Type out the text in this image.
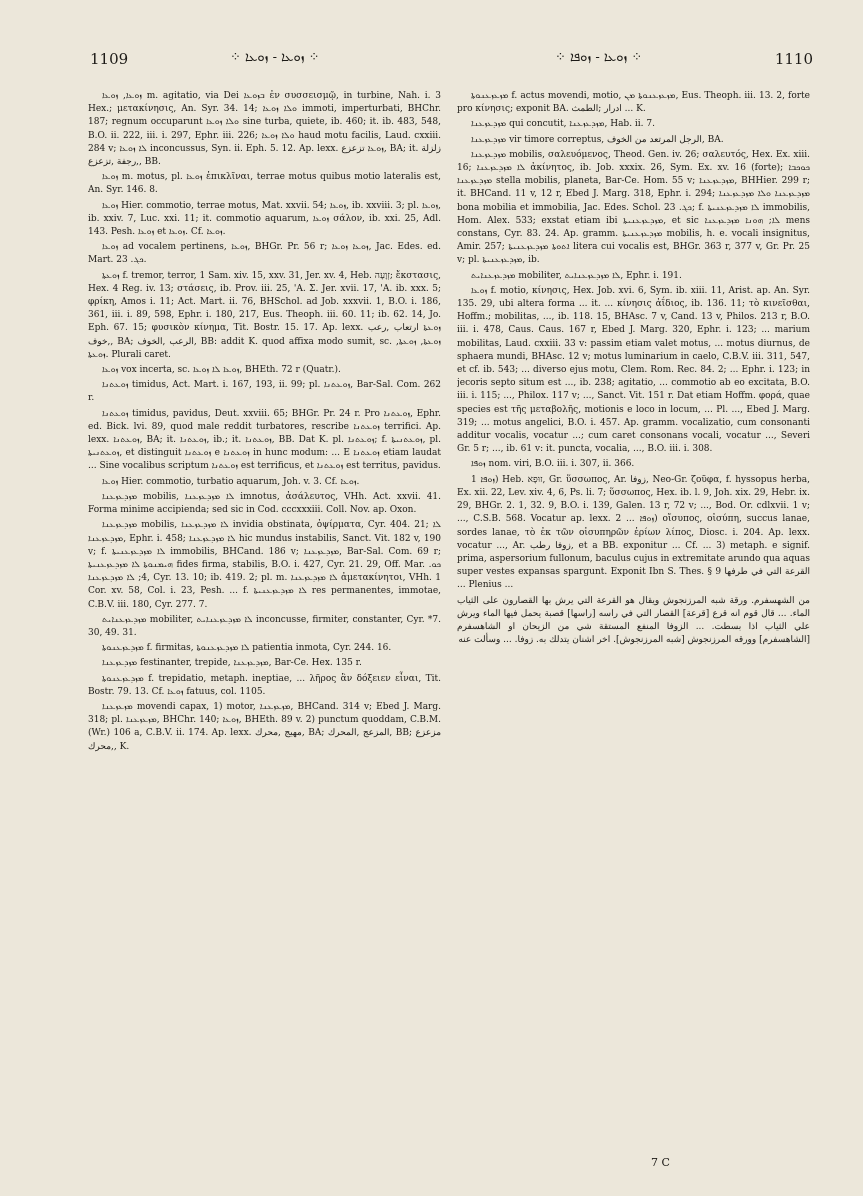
1109	⁘ ܙܘܥܐ - ܙܘܥܐ ⁘	⁘ ܙܘܥܐ - ܙܘܦܐ ⁘	1110

ܙܘܥܐ, ܙܘܥܐ m. agitatio, via Dei ܒܙܘܥܐ ἐν συσσεισμῷ, in turbine, Nah. i. 3 Hex.; μετακίνησις, An. Syr. 34. 14; ܘܠܐ ܙܘܥܐ immoti, imperturbati, BHChr. 187; regnum occuparunt ܘܠܐ ܙܘܥܐ sine turba, quiete, ib. 460; it. ib. 483, 548, B.O. ii. 222, iii. i. 297, Ephr. iii. 226; ܘܠܐ ܙܘܥܐ haud motu facilis, Laud. cxxiii. 284 v; ܠܐ ܙܘܥܐ inconcussus, Syn. ii. Eph. 5. 12. Ap. lexx. ܙܘܥܐ تزعزع, BA; it. زلزلة ,رجفة ,تزعزع, BB.

ܙܘܥܐ m. motus, pl. ܙܘܥܐ ἐπικλῖναι, terrae motus quibus motio lateralis est, An. Syr. 146. 8.

ܙܘܥܐ Hier. commotio, terrae motus, Mat. xxvii. 54; ܙܘܥܐ, ib. xxviii. 3; pl. ܙܘܥܐ, ib. xxiv. 7, Luc. xxi. 11; it. commotio aquarum, ܙܘܥܐ σάλον, ib. xxi. 25, Adl. 143. Pesh. ܙܘܥܐ et ܙܘܥܐ. Cf. ܙܘܥܐ.

ܙܘܥܐ ad vocalem pertinens, ܙܘܥܐ, BHGr. Pr. 56 r; ܙܘܥܐ ܙܘܥܐ, Jac. Edes. ed. Mart. ܟܓ. 23.

ܙܘܥܬܐ f. tremor, terror, 1 Sam. xiv. 15, xxv. 31, Jer. xv. 4, Heb. זְוָעָה; ἔκστασις, Hex. 4 Reg. iv. 13; στάσεις, ib. Prov. iii. 25, 'Α. Σ. Jer. xvii. 17, 'Α. ib. xxx. 5; φρίκη, Amos i. 11; Act. Mart. ii. 76, BHSchol. ad Job. xxxvii. 1, B.O. i. 186, 361, iii. i. 89, 598, Ephr. i. 180, 217, Eus. Theoph. iii. 60. 11; ib. 62. 14, Jo. Eph. 67. 15; φυσικὸν κίνημα, Tit. Bostr. 15. 17. Ap. lexx. ܙܘܥܬܐ ارتعاب ,رعب ,خوف, BA; الرعب ,الخوف, BB: addit K. quod affixa modo sumit, sc. ܙܘܥܬܐ, ܙܘܥܬܐ, ܙܘܥܬܐ. Plurali caret.

ܙܘܥܐ vox incerta, sc. ܙܘܥܐ ܠܐ ܙܘܥܐ, BHEth. 72 r (Quatr.).

ܙܘܥܬܢܐ timidus, Act. Mart. i. 167, 193, ii. 99; pl. ܙܘܥܬܢܐ, Bar-Sal. Com. 262 r.

ܙܘܥܬܢܐ timidus, pavidus, Deut. xxviii. 65; BHGr. Pr. 24 r. Pro ܙܘܥܬܢܐ, Ephr. ed. Bick. lvi. 89, quod male reddit turbatores, rescribe ܙܘܥܬܢܐ terrifici. Ap. lexx. ܙܘܥܬܢܐ, BA; it. ܙܘܥܬܢܐ, ib.; it. ܙܘܥܬܢܐ, BB. Dat K. pl. ܙܘܥܬܢܐ; f. ܙܘܥܬܢܝܬܐ, pl. ܙܘܥܬܢܝܬܐ, et distinguit ܙܘܥܬܢܐ e ܙܘܥܬܢܐ in hunc modum: ... E ܙܘܥܬܢܐ etiam laudat ... Sine vocalibus scriptum ܙܘܥܬܢܐ est terrificus, et ܙܘܥܬܢܐ est territus, pavidus.

ܙܘܥܐ Hier. commotio, turbatio aquarum, Joh. v. 3. Cf. ܙܘܥܐ.

ܡܙܕܥܙܥܢܐ mobilis, ܠܐ ܡܙܕܥܙܥܢܐ imnotus, ἀσάλευτος, VHh. Act. xxvii. 41. Forma minime accipienda; sed sic in Cod. cccxxxiii. Coll. Nov. ap. Oxon.

ܡܙܕܥܙܥܢܐ mobilis, ܠܐ ܡܙܕܥܙܥܢܐ invidia obstinata, ὀψίρματα, Cyr. 404. 21; ܠܐ ܡܙܕܥܙܥܢܐ, Ephr. i. 458; ܠܐ ܡܙܕܥܙܥܢܐ hic mundus instabilis, Sanct. Vit. 182 v, 190 v; f. ܠܐ ܡܙܕܥܙܥܢܝܬܐ immobilis, BHCand. 186 v; ܡܙܕܥܙܥܢܐ, Bar-Sal. Com. 69 r; ܗܝܡܢܘܬܐ ܠܐ ܡܙܕܥܙܥܢܝܬܐ fides firma, stabilis, B.O. i. 427, Cyr. 21. 29, Off. Mar. ܟܘ. 4; ܠܐ ܡܙܕܥܙܥܢܐ, Cyr. 13. 10; ib. 419. 2; pl. m. ܠܐ ܡܙܕܥܙܥܢܐ ἀμετακίνητοι, VHh. 1 Cor. xv. 58, Col. i. 23, Pesh. ... f. ܠܐ ܡܙܕܥܙܥܢܝܬܐ res permanentes, immotae, C.B.V. iii. 180, Cyr. 277. 7.

ܡܙܕܥܙܥܢܐܝܬ mobiliter, ܠܐ ܡܙܕܥܙܥܢܐܝܬ inconcusse, firmiter, constanter, Cyr. *7. 30, 49. 31.

ܡܙܕܥܙܥܢܘܬܐ f. firmitas, ܠܐ ܡܙܕܥܙܥܢܘܬܐ patientia inmota, Cyr. 244. 16.

ܡܙܕܥܙܥܢܐ festinanter, trepide, ܡܙܕܥܙܥܢܐ, Bar-Ce. Hex. 135 r.

ܡܙܕܥܙܥܢܘܬܐ f. trepidatio, metaph. ineptiae, ... λῆρος ἂν δόξειεν εἶναι, Tit. Bostr. 79. 13. Cf. ܙܘܥܐ fatuus, col. 1105.

ܡܙܥܙܥܢܐ movendi capax, 1) motor, ܡܙܥܙܥܢܐ, BHCand. 314 v; Ebed J. Marg. 318; pl. ܡܙܥܙܥܢܐ, BHChr. 140; ܙܘܥܐ, BHEth. 89 v. 2) punctum quoddam, C.B.M. (Wr.) 106 a, C.B.V. ii. 174. Ap. lexx. مهيج ,محرك, BA; المزعج ,المحرك, BB; مزعزع ,محرك, K.

ܡܙܥܙܥܢܘܬܐ f. actus movendi, motio, ܡܙܥܙܥܢܘܬܐ ܡܢ, Eus. Theoph. iii. 13. 2, forte pro κίνησις; exponit BA. ادرار ;الطمث ... K.

ܡܙܕܥܙܥܢܐ qui concutit, ܡܙܕܥܙܥܢܐ, Hab. ii. 7.

ܡܙܕܥܙܥܢܐ vir timore correptus, الرجل المرتعد من الخوف, BA.

ܡܙܕܥܙܥܢܐ mobilis, σαλευόμενος, Theod. Gen. iv. 26; σαλευτός, Hex. Ex. xiii. 16; ܠܐ ܡܙܕܥܙܥܢܐ ἀκίνητος, ib. Job. xxxix. 26, Sym. Ex. xv. 16 (forte); ܟܘܟܒܐ ܡܙܕܥܙܥܢܐ stella mobilis, planeta, Bar-Ce. Hom. 55 v; ܡܙܕܥܙܥܢܐ, BHHier. 299 r; it. BHCand. 11 v, 12 r, Ebed J. Marg. 318, Ephr. i. 294; ܡܙܕܥܙܥܢܐ ܘܠܐ ܡܙܕܥܙܥܢܐ bona mobilia et immobilia, Jac. Edes. Schol. ܟܓ. 23; f. ܠܐ ܡܙܕܥܙܥܢܝܬܐ immobilis, Hom. Alex. 533; exstat etiam ibi ܡܙܕܥܙܥܢܝܬܐ, et sic ܠܐ; ܗܘܢܐ ܡܙܕܥܙܥܢܐ mens constans, Cyr. 83. 24. Ap. gramm. ܡܙܕܥܙܥܢܝܬܐ mobilis, h. e. vocali insignitus, Amir. 257; ܐܬܘܬܐ ܡܙܕܥܙܥܢܝܬܐ litera cui vocalis est, BHGr. 363 r, 377 v, Gr. Pr. 25 v; pl. ܡܙܕܥܙܥܢܝܬܐ, ib.

ܡܙܕܥܙܥܢܐܝܬ mobiliter, ܠܐ ܡܙܕܥܙܥܢܐܝܬ, Ephr. i. 191.

ܙܘܥܐ f. motio, κίνησις, Hex. Job. xvi. 6, Sym. ib. xiii. 11, Arist. ap. An. Syr. 135. 29, ubi altera forma ... it. ... κίνησις ἀΐδιος, ib. 136. 11; τὸ κινεῖσθαι, Hoffm.; mobilitas, ..., ib. 118. 15, BHAsc. 7 v, Cand. 13 v, Philos. 213 r, B.O. iii. i. 478, Caus. Caus. 167 r, Ebed J. Marg. 320, Ephr. i. 123; ... marium mobilitas, Laud. cxxiii. 33 v: passim etiam valet motus, ... motus diurnus, de sphaera mundi, BHAsc. 12 v; motus luminarium in caelo, C.B.V. iii. 311, 547, et cf. ib. 543; ... diverso ejus motu, Clem. Rom. Rec. 84. 2; ... Ephr. i. 123; in jecoris septo situm est ..., ib. 238; agitatio, ... commotio ab eo excitata, B.O. iii. i. 115; ..., Philox. 117 v; ..., Sanct. Vit. 151 r. Dat etiam Hoffm. φορά, quae species est τῆς μεταβολῆς, motionis e loco in locum, ... Pl. ..., Ebed J. Marg. 319; ... motus angelici, B.O. i. 457. Ap. gramm. vocalizatio, cum consonanti additur vocalis, vocatur ...; cum caret consonans vocali, vocatur ..., Severi Gr. 5 r; ..., ib. 61 v: it. puncta, vocalia, ..., B.O. iii. i. 308.

ܙܘܦܐ nom. viri, B.O. iii. i. 307, ii. 366.

ܙܘܦܐ 1) Heb. זוּפָא, Gr. ὕσσωπος, Ar. زوفا, Neo-Gr. ζοῦφα, f. hyssopus herba, Ex. xii. 22, Lev. xiv. 4, 6, Ps. li. 7; ὕσσωπος, Hex. ib. l. 9, Joh. xix. 29, Hebr. ix. 29, BHGr. 2. 1, 32. 9, B.O. i. 139, Galen. 13 r, 72 v; ..., Bod. Or. cdlxvii. 1 v; ..., C.S.B. 568. Vocatur ap. lexx. ܙܘܦܐ ... 2) οἴσυπος, οἰσύπη, succus lanae, sordes lanae, τὸ ἐκ τῶν οἰσυπηρῶν ἐρίων λίπος, Diosc. i. 204. Ap. lexx. vocatur ..., Ar. زوفا رطب, et a BB. exponitur ... Cf. ... 3) metaph. e signif. prima, aspersorium fullonum, baculus cujus in extremitate arundo qua aquas super vestes expansas spargunt. Exponit Ibn S. Thes. § 9 القرعة التي في طرفها ... Plenius ...

من الشهسفرم. ورقة شبه المرزنجوش ويقال هو القرعة التي يرش بها القصارون على الثياب الماء. ... قال قوم انه قرع [قرعة] القصار التي في راسه [راسها] قصبة يحمل فيها الماء ويرش علي الثياب اذا بسطت. ... الزوفا المنفع المستقة شي من الزيحان او الشاهسفرم [الشاهسفرم] وورقه المرزنجوش [شبه المرزنجوش]. اخر اشنان يتدلك به. زوفا. ... وسألت عنه

7 C
